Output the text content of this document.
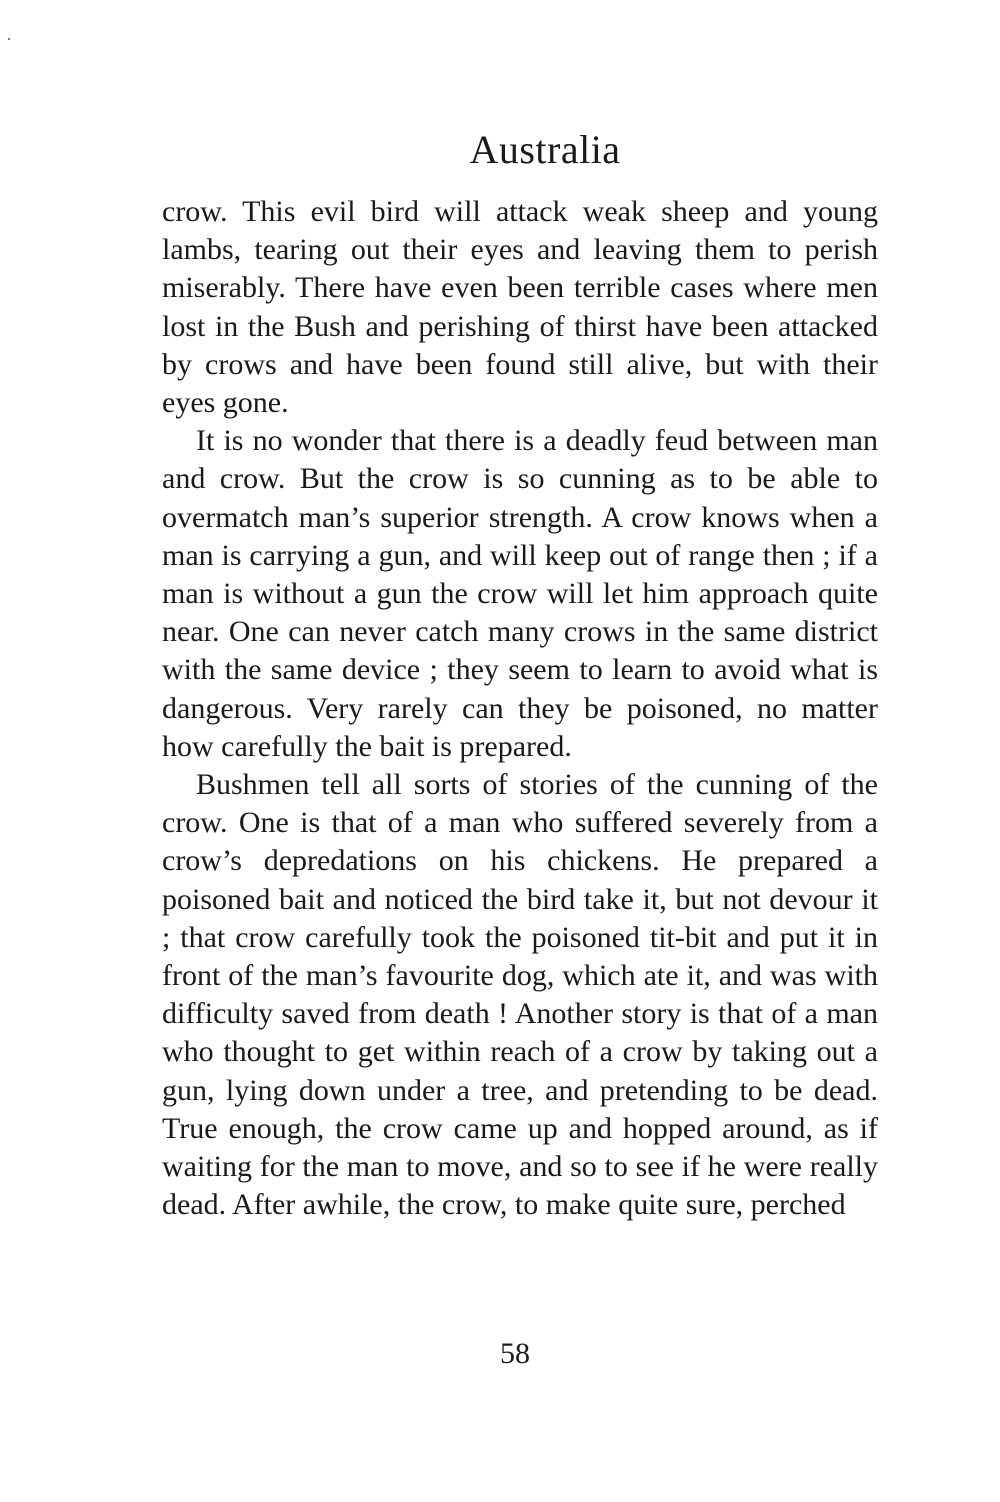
Australia

crow. This evil bird will attack weak sheep and young lambs, tearing out their eyes and leaving them to perish miserably. There have even been terrible cases where men lost in the Bush and perishing of thirst have been attacked by crows and have been found still alive, but with their eyes gone.

It is no wonder that there is a deadly feud between man and crow. But the crow is so cunning as to be able to overmatch man’s superior strength. A crow knows when a man is carrying a gun, and will keep out of range then ; if a man is without a gun the crow will let him approach quite near. One can never catch many crows in the same district with the same device ; they seem to learn to avoid what is dangerous. Very rarely can they be poisoned, no matter how carefully the bait is prepared.

Bushmen tell all sorts of stories of the cunning of the crow. One is that of a man who suffered severely from a crow’s depredations on his chickens. He prepared a poisoned bait and noticed the bird take it, but not devour it ; that crow carefully took the poisoned tit-bit and put it in front of the man’s favourite dog, which ate it, and was with difficulty saved from death ! Another story is that of a man who thought to get within reach of a crow by taking out a gun, lying down under a tree, and pretending to be dead. True enough, the crow came up and hopped around, as if waiting for the man to move, and so to see if he were really dead. After awhile, the crow, to make quite sure, perched

58
